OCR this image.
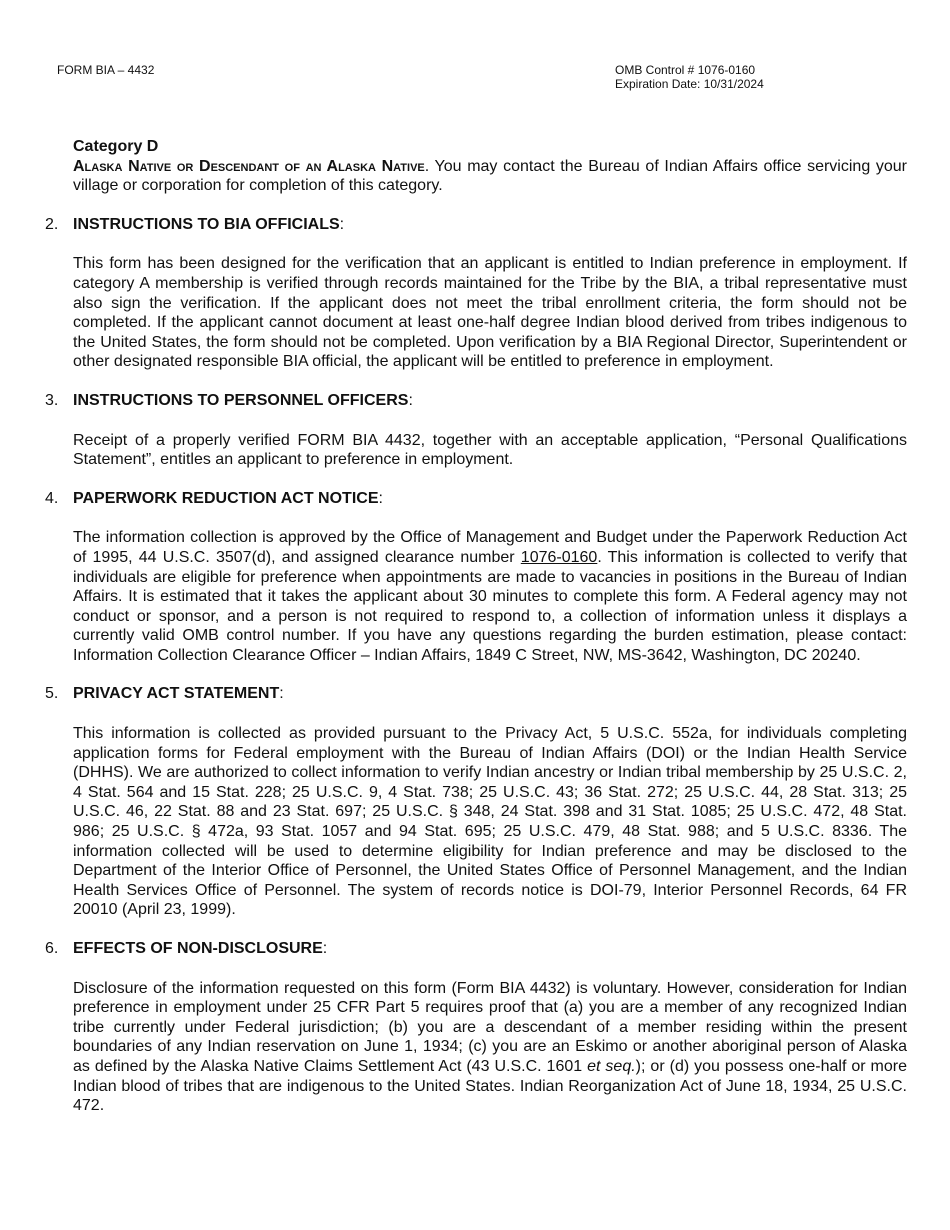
FORM BIA – 4432	OMB Control # 1076-0160
Expiration Date: 10/31/2024
Category D
Alaska Native or Descendant of an Alaska Native. You may contact the Bureau of Indian Affairs office servicing your village or corporation for completion of this category.
2. INSTRUCTIONS TO BIA OFFICIALS:
This form has been designed for the verification that an applicant is entitled to Indian preference in employment. If category A membership is verified through records maintained for the Tribe by the BIA, a tribal representative must also sign the verification. If the applicant does not meet the tribal enrollment criteria, the form should not be completed. If the applicant cannot document at least one-half degree Indian blood derived from tribes indigenous to the United States, the form should not be completed. Upon verification by a BIA Regional Director, Superintendent or other designated responsible BIA official, the applicant will be entitled to preference in employment.
3. INSTRUCTIONS TO PERSONNEL OFFICERS:
Receipt of a properly verified FORM BIA 4432, together with an acceptable application, “Personal Qualifications Statement”, entitles an applicant to preference in employment.
4. PAPERWORK REDUCTION ACT NOTICE:
The information collection is approved by the Office of Management and Budget under the Paperwork Reduction Act of 1995, 44 U.S.C. 3507(d), and assigned clearance number 1076-0160. This information is collected to verify that individuals are eligible for preference when appointments are made to vacancies in positions in the Bureau of Indian Affairs. It is estimated that it takes the applicant about 30 minutes to complete this form. A Federal agency may not conduct or sponsor, and a person is not required to respond to, a collection of information unless it displays a currently valid OMB control number. If you have any questions regarding the burden estimation, please contact: Information Collection Clearance Officer – Indian Affairs, 1849 C Street, NW, MS-3642, Washington, DC 20240.
5. PRIVACY ACT STATEMENT:
This information is collected as provided pursuant to the Privacy Act, 5 U.S.C. 552a, for individuals completing application forms for Federal employment with the Bureau of Indian Affairs (DOI) or the Indian Health Service (DHHS). We are authorized to collect information to verify Indian ancestry or Indian tribal membership by 25 U.S.C. 2, 4 Stat. 564 and 15 Stat. 228; 25 U.S.C. 9, 4 Stat. 738; 25 U.S.C. 43; 36 Stat. 272; 25 U.S.C. 44, 28 Stat. 313; 25 U.S.C. 46, 22 Stat. 88 and 23 Stat. 697; 25 U.S.C. § 348, 24 Stat. 398 and 31 Stat. 1085; 25 U.S.C. 472, 48 Stat. 986; 25 U.S.C. § 472a, 93 Stat. 1057 and 94 Stat. 695; 25 U.S.C. 479, 48 Stat. 988; and 5 U.S.C. 8336. The information collected will be used to determine eligibility for Indian preference and may be disclosed to the Department of the Interior Office of Personnel, the United States Office of Personnel Management, and the Indian Health Services Office of Personnel. The system of records notice is DOI-79, Interior Personnel Records, 64 FR 20010 (April 23, 1999).
6. EFFECTS OF NON-DISCLOSURE:
Disclosure of the information requested on this form (Form BIA 4432) is voluntary. However, consideration for Indian preference in employment under 25 CFR Part 5 requires proof that (a) you are a member of any recognized Indian tribe currently under Federal jurisdiction; (b) you are a descendant of a member residing within the present boundaries of any Indian reservation on June 1, 1934; (c) you are an Eskimo or another aboriginal person of Alaska as defined by the Alaska Native Claims Settlement Act (43 U.S.C. 1601 et seq.); or (d) you possess one-half or more Indian blood of tribes that are indigenous to the United States. Indian Reorganization Act of June 18, 1934, 25 U.S.C. 472.
